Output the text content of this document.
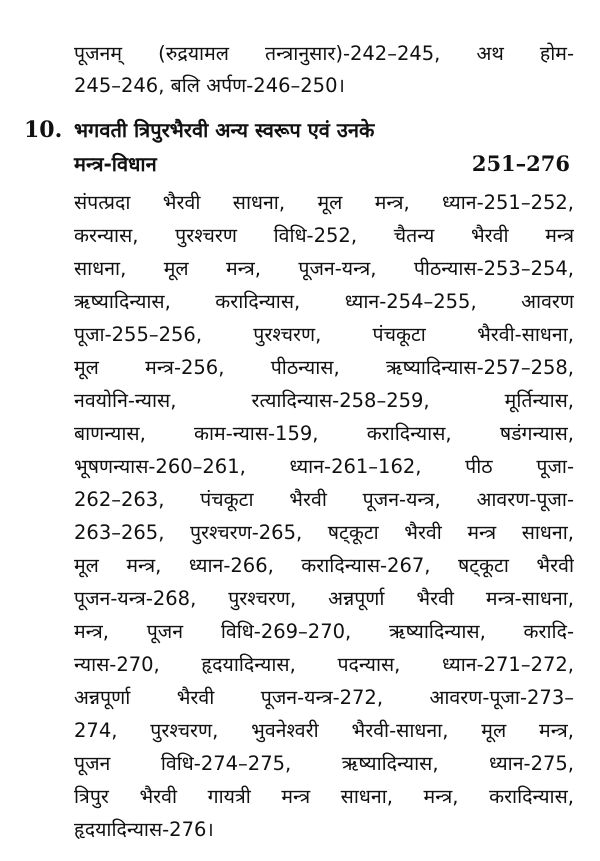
पूजनम् (रुद्रयामल तन्त्रानुसार)-242–245, अथ होम-
245–246, बलि अर्पण-246–250।
10. भगवती त्रिपुरभैरवी अन्य स्वरूप एवं उनके
मन्त्र-विधान	251–276
संपत्प्रदा भैरवी साधना, मूल मन्त्र, ध्यान-251–252,
करन्यास, पुरश्चरण विधि-252, चैतन्य भैरवी मन्त्र
साधना, मूल मन्त्र, पूजन-यन्त्र, पीठन्यास-253–254,
ऋष्यादिन्यास, करादिन्यास, ध्यान-254–255, आवरण
पूजा-255–256, पुरश्चरण, पंचकूटा भैरवी-साधना,
मूल मन्त्र-256, पीठन्यास, ऋष्यादिन्यास-257–258,
नवयोनि-न्यास, रत्यादिन्यास-258–259, मूर्तिन्यास,
बाणन्यास, काम-न्यास-159, करादिन्यास, षडंगन्यास,
भूषणन्यास-260–261, ध्यान-261–162, पीठ पूजा-
262–263, पंचकूटा भैरवी पूजन-यन्त्र, आवरण-पूजा-
263–265, पुरश्चरण-265, षट्कूटा भैरवी मन्त्र साधना,
मूल मन्त्र, ध्यान-266, करादिन्यास-267, षट्कूटा भैरवी
पूजन-यन्त्र-268, पुरश्चरण, अन्नपूर्णा भैरवी मन्त्र-साधना,
मन्त्र, पूजन विधि-269–270, ऋष्यादिन्यास, करादि-
न्यास-270, हृदयादिन्यास, पदन्यास, ध्यान-271–272,
अन्नपूर्णा भैरवी पूजन-यन्त्र-272, आवरण-पूजा-273–
274, पुरश्चरण, भुवनेश्वरी भैरवी-साधना, मूल मन्त्र,
पूजन विधि-274–275, ऋष्यादिन्यास, ध्यान-275,
त्रिपुर भैरवी गायत्री मन्त्र साधना, मन्त्र, करादिन्यास,
हृदयादिन्यास-276।
